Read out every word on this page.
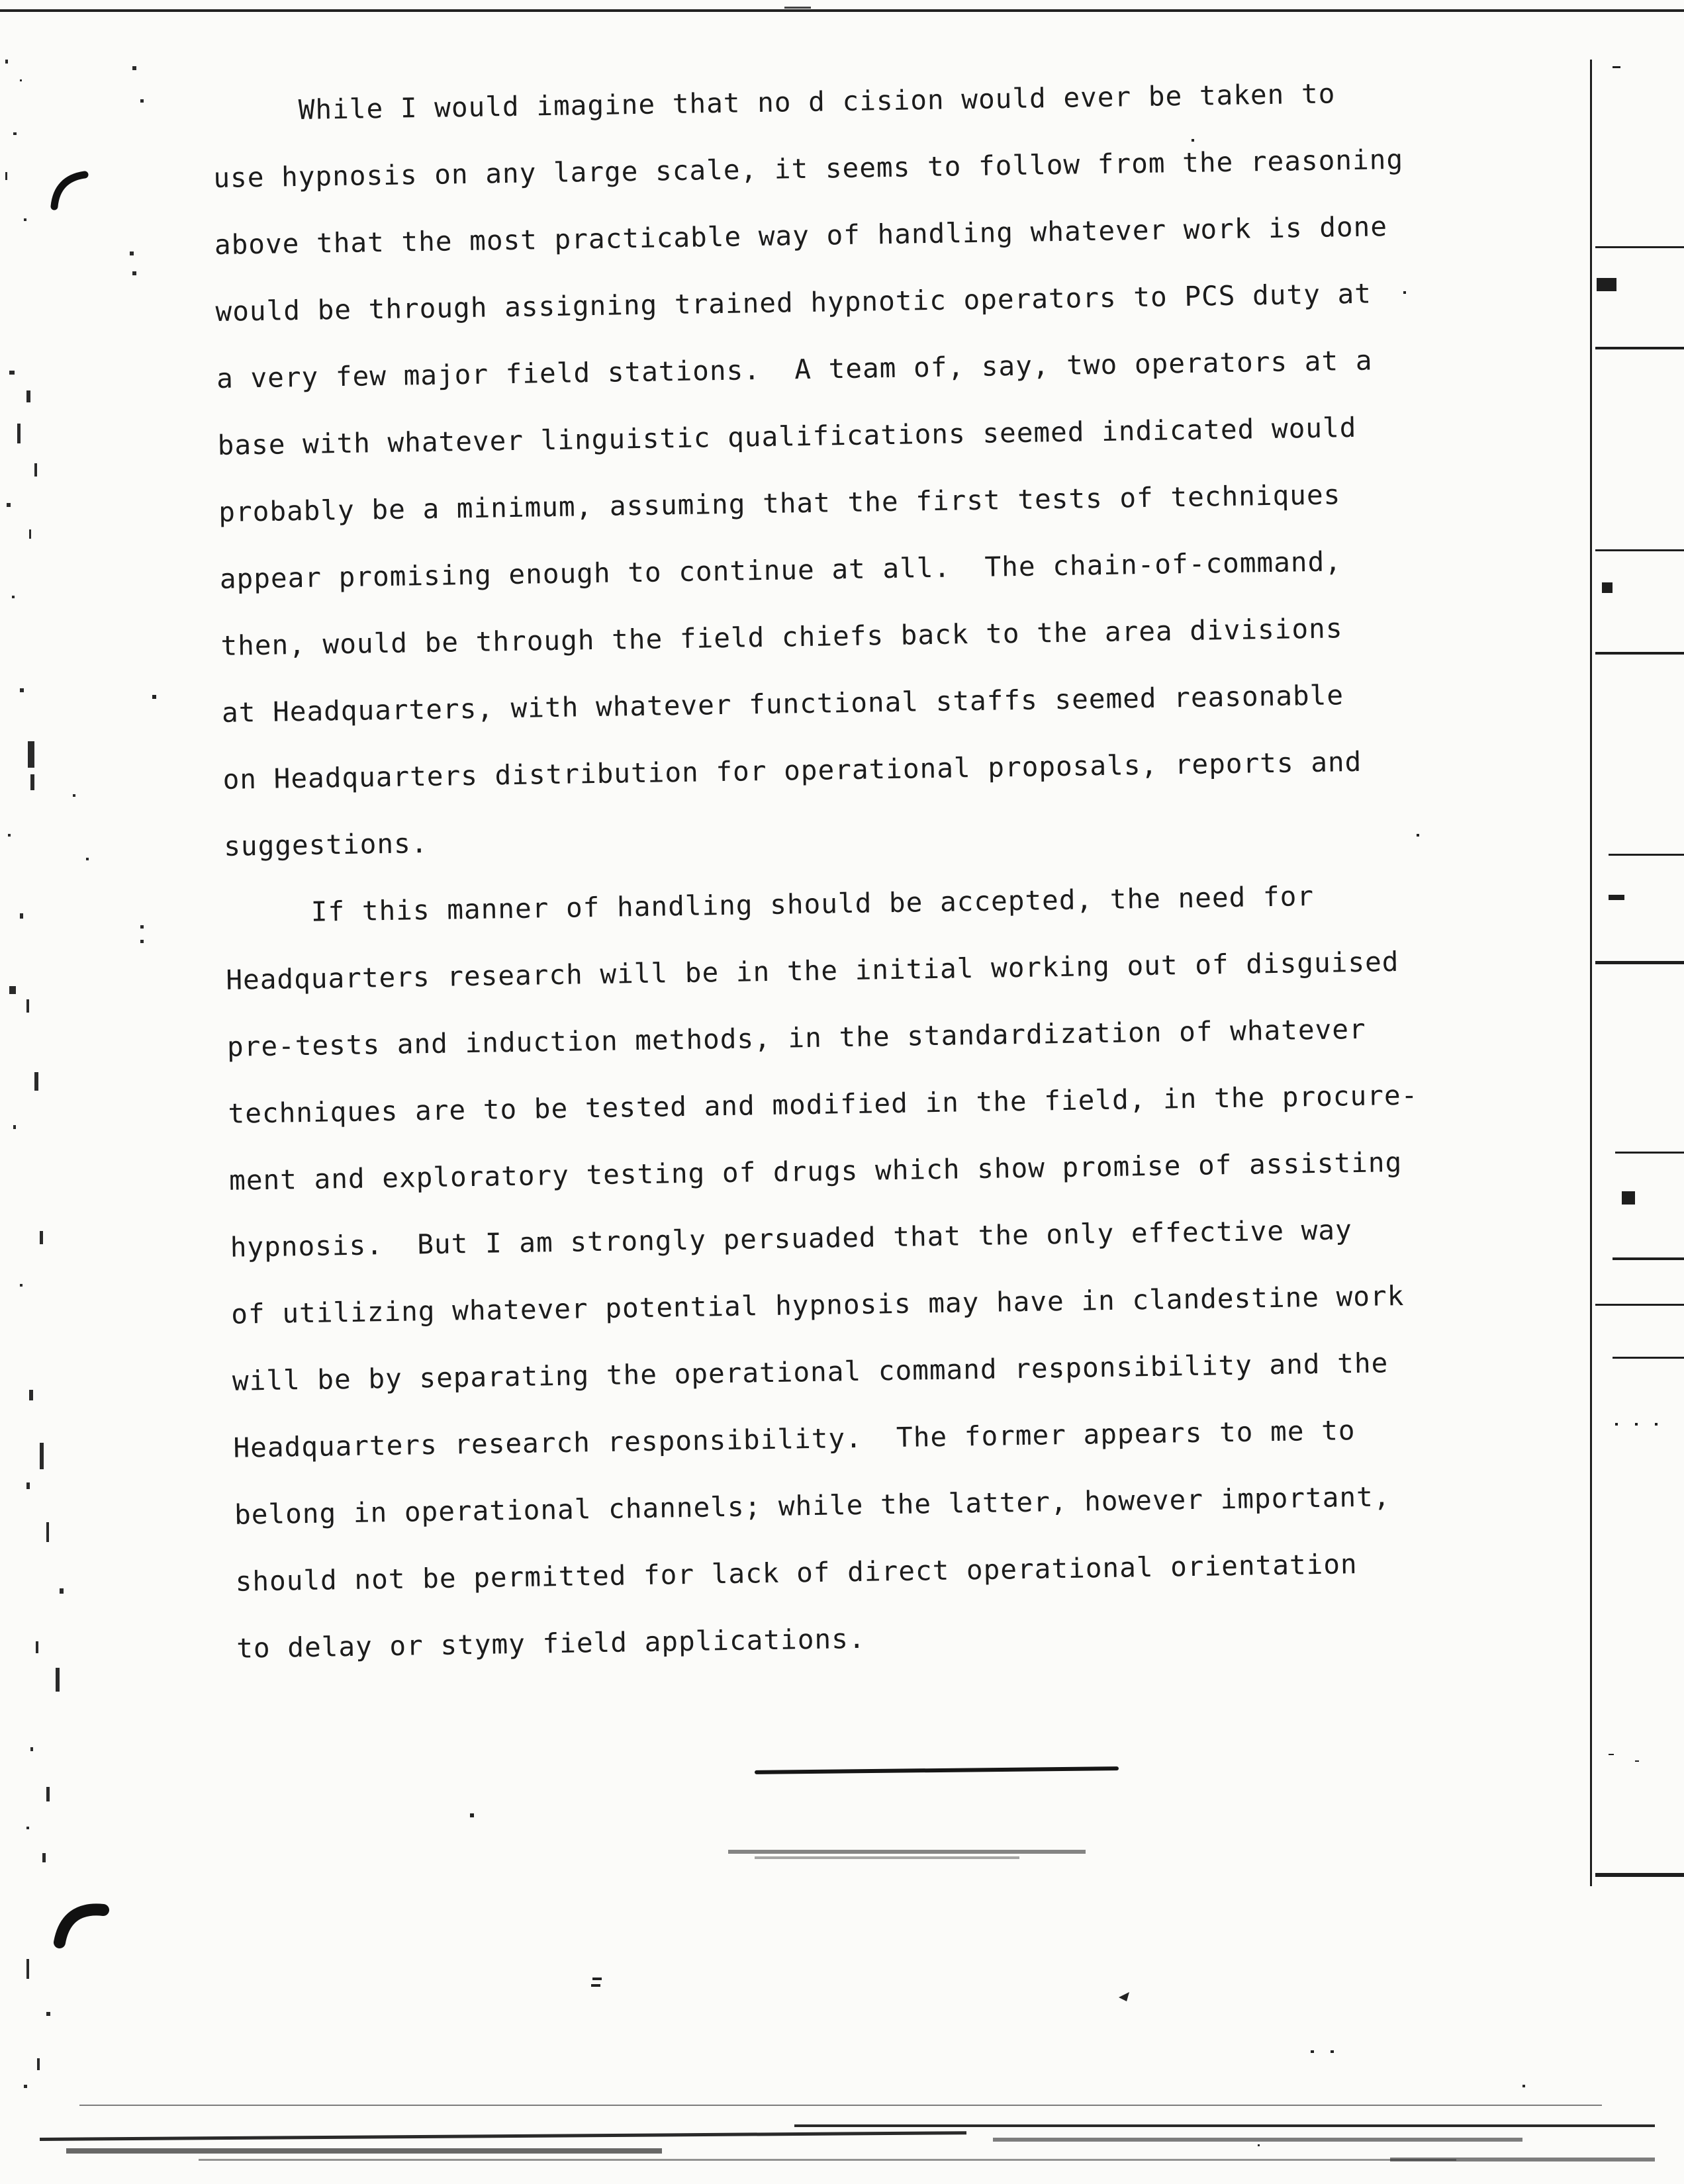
While I would imagine that no d cision would ever be taken to
use hypnosis on any large scale, it seems to follow from the reasoning
above that the most practicable way of handling whatever work is done
would be through assigning trained hypnotic operators to PCS duty at
a very few major field stations.  A team of, say, two operators at a
base with whatever linguistic qualifications seemed indicated would
probably be a minimum, assuming that the first tests of techniques
appear promising enough to continue at all.  The chain-of-command,
then, would be through the field chiefs back to the area divisions
at Headquarters, with whatever functional staffs seemed reasonable
on Headquarters distribution for operational proposals, reports and
suggestions.
If this manner of handling should be accepted, the need for
Headquarters research will be in the initial working out of disguised
pre-tests and induction methods, in the standardization of whatever
techniques are to be tested and modified in the field, in the procure-
ment and exploratory testing of drugs which show promise of assisting
hypnosis.  But I am strongly persuaded that the only effective way
of utilizing whatever potential hypnosis may have in clandestine work
will be by separating the operational command responsibility and the
Headquarters research responsibility.  The former appears to me to
belong in operational channels; while the latter, however important,
should not be permitted for lack of direct operational orientation
to delay or stymy field applications.
